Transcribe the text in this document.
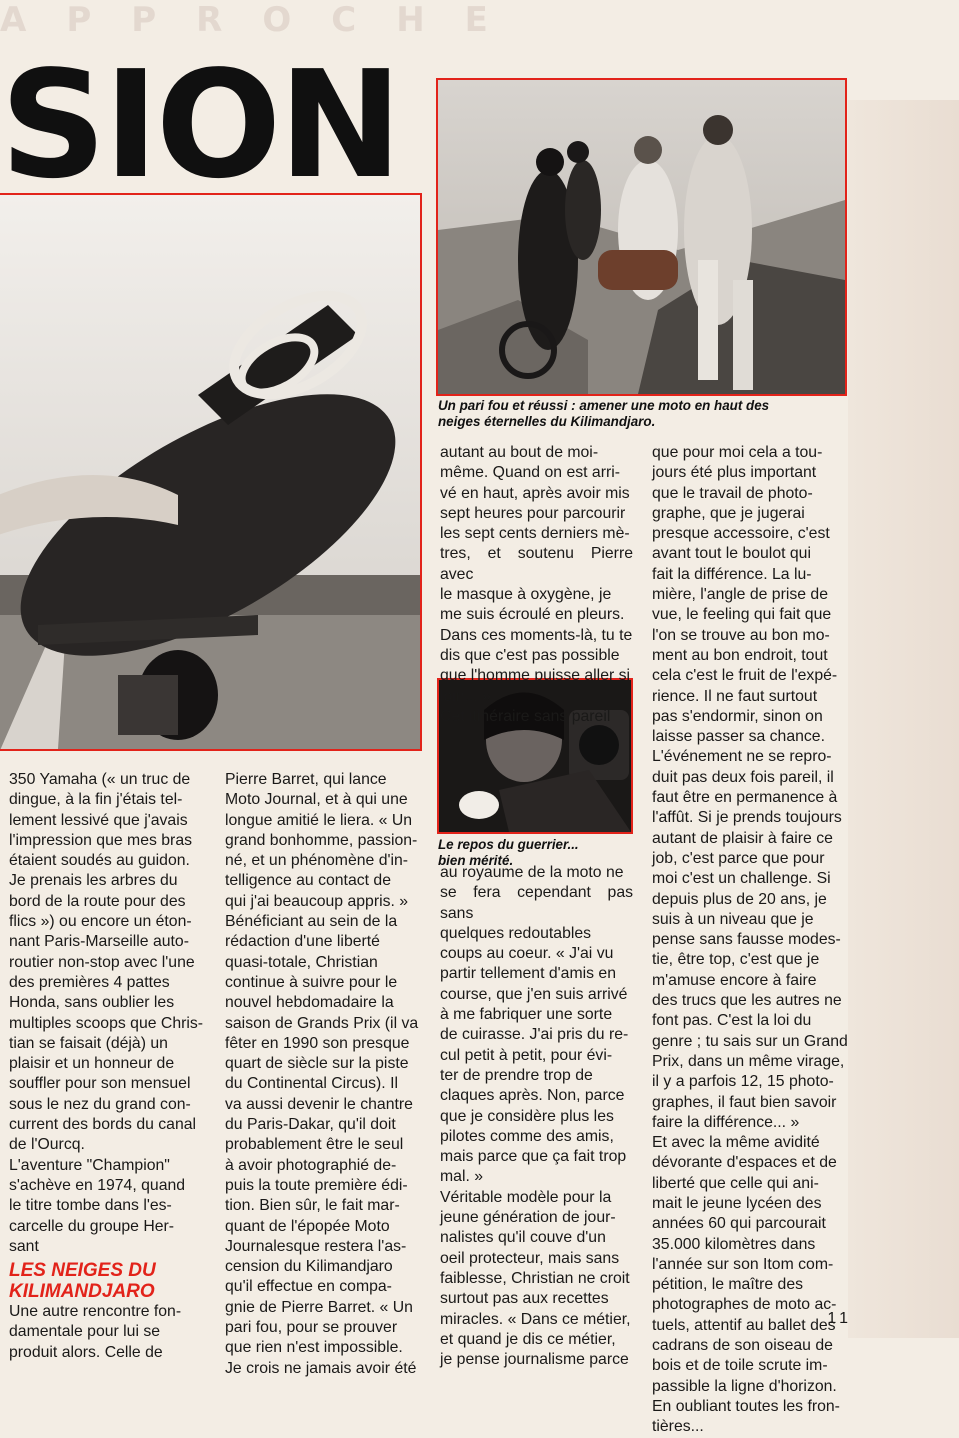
APPROCHE
SION
Un pari fou et réussi : amener une moto en haut des
neiges éternelles du Kilimandjaro.
Le repos du guerrier...
bien mérité.

350 Yamaha (« un truc de

dingue, à la fin j'étais tel-

lement lessivé que j'avais

l'impression que mes bras

étaient soudés au guidon.

Je prenais les arbres du

bord de la route pour des

flics ») ou encore un éton-

nant Paris-Marseille auto-

routier non-stop avec l'une

des premières 4 pattes

Honda, sans oublier les

multiples scoops que Chris-

tian se faisait (déjà) un

plaisir et un honneur de

souffler pour son mensuel

sous le nez du grand con-

current des bords du canal

de l'Ourcq.

L'aventure "Champion"

s'achève en 1974, quand

le titre tombe dans l'es-

carcelle du groupe Her-

sant

LES NEIGES DU

KILIMANDJARO

Une autre rencontre fon-

damentale pour lui se

produit alors. Celle de

Pierre Barret, qui lance

Moto Journal, et à qui une

longue amitié le liera. « Un

grand bonhomme, passion-

né, et un phénomène d'in-

telligence au contact de

qui j'ai beaucoup appris. »

Bénéficiant au sein de la

rédaction d'une liberté

quasi-totale, Christian

continue à suivre pour le

nouvel hebdomadaire la

saison de Grands Prix (il va

fêter en 1990 son presque

quart de siècle sur la piste

du Continental Circus). Il

va aussi devenir le chantre

du Paris-Dakar, qu'il doit

probablement être le seul

à avoir photographié de-

puis la toute première édi-

tion. Bien sûr, le fait mar-

quant de l'épopée Moto

Journalesque restera l'as-

cension du Kilimandjaro

qu'il effectue en compa-

gnie de Pierre Barret. « Un

pari fou, pour se prouver

que rien n'est impossible.

Je crois ne jamais avoir été

autant au bout de moi-

même. Quand on est arri-

vé en haut, après avoir mis

sept heures pour parcourir

les sept cents derniers mè-

tres, et soutenu Pierre avec

le masque à oxygène, je

me suis écroulé en pleurs.

Dans ces moments-là, tu te

dis que c'est pas possible

que l'homme puisse aller si

loin... »

Cet itinéraire sans pareil

au royaume de la moto ne

se fera cependant pas sans

quelques redoutables

coups au coeur. « J'ai vu

partir tellement d'amis en

course, que j'en suis arrivé

à me fabriquer une sorte

de cuirasse. J'ai pris du re-

cul petit à petit, pour évi-

ter de prendre trop de

claques après. Non, parce

que je considère plus les

pilotes comme des amis,

mais parce que ça fait trop

mal. »

Véritable modèle pour la

jeune génération de jour-

nalistes qu'il couve d'un

oeil protecteur, mais sans

faiblesse, Christian ne croit

surtout pas aux recettes

miracles. « Dans ce métier,

et quand je dis ce métier,

je pense journalisme parce

que pour moi cela a tou-

jours été plus important

que le travail de photo-

graphe, que je jugerai

presque accessoire, c'est

avant tout le boulot qui

fait la différence. La lu-

mière, l'angle de prise de

vue, le feeling qui fait que

l'on se trouve au bon mo-

ment au bon endroit, tout

cela c'est le fruit de l'expé-

rience. Il ne faut surtout

pas s'endormir, sinon on

laisse passer sa chance.

L'événement ne se repro-

duit pas deux fois pareil, il

faut être en permanence à

l'affût. Si je prends toujours

autant de plaisir à faire ce

job, c'est parce que pour

moi c'est un challenge. Si

depuis plus de 20 ans, je

suis à un niveau que je

pense sans fausse modes-

tie, être top, c'est que je

m'amuse encore à faire

des trucs que les autres ne

font pas. C'est la loi du

genre ; tu sais sur un Grand

Prix, dans un même virage,

il y a parfois 12, 15 photo-

graphes, il faut bien savoir

faire la différence... »

Et avec la même avidité

dévorante d'espaces et de

liberté que celle qui ani-

mait le jeune lycéen des

années 60 qui parcourait

35.000 kilomètres dans

l'année sur son Itom com-

pétition, le maître des

photographes de moto ac-

tuels, attentif au ballet des

cadrans de son oiseau de

bois et de toile scrute im-

passible la ligne d'horizon.

En oubliant toutes les fron-

tières...

11
